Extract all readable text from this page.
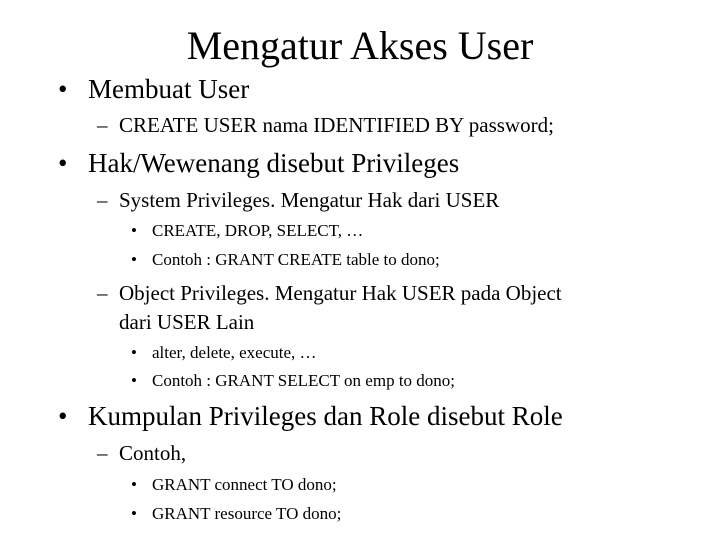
Mengatur Akses User
• Membuat User
– CREATE USER nama IDENTIFIED BY password;
• Hak/Wewenang disebut Privileges
– System Privileges. Mengatur Hak dari USER
• CREATE, DROP, SELECT, …
• Contoh : GRANT CREATE table to dono;
– Object Privileges. Mengatur Hak USER pada Object
dari USER Lain
• alter, delete, execute, …
• Contoh : GRANT SELECT on emp to dono;
• Kumpulan Privileges dan Role disebut Role
– Contoh,
• GRANT connect TO dono;
• GRANT resource TO dono;
